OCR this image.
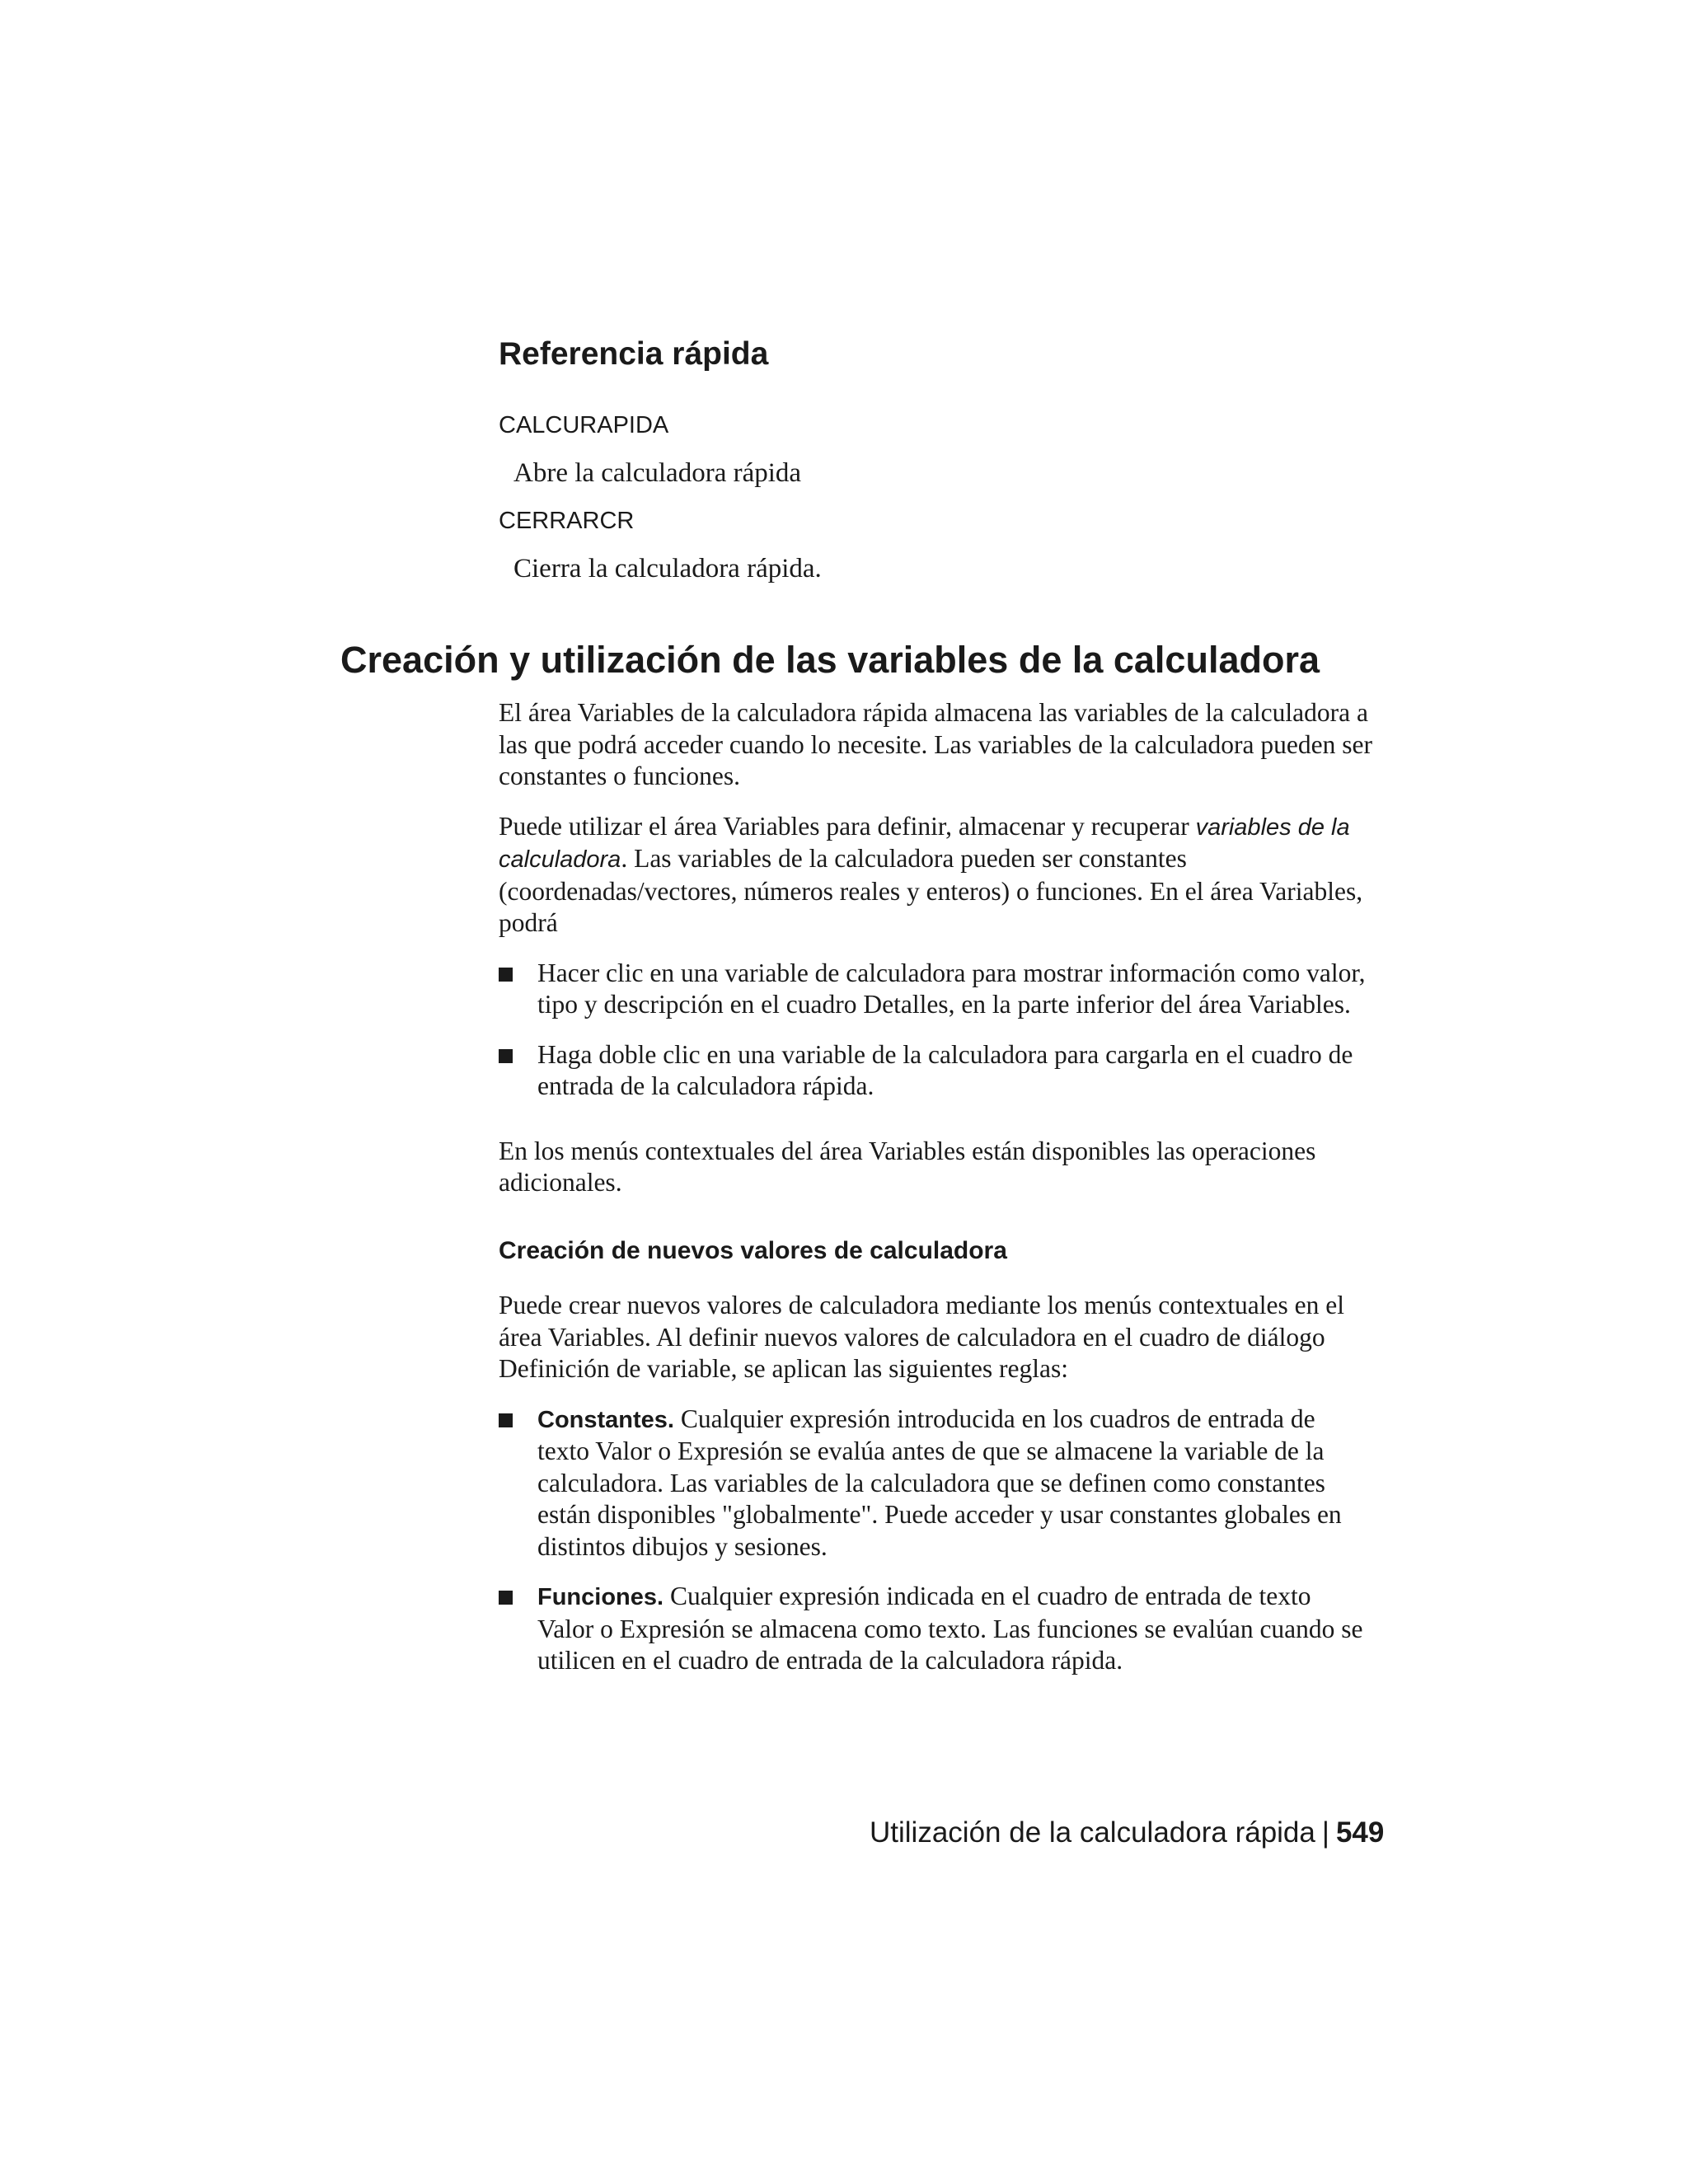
Referencia rápida

CALCURAPIDA

Abre la calculadora rápida

CERRARCR

Cierra la calculadora rápida.

Creación y utilización de las variables de la calculadora

El área Variables de la calculadora rápida almacena las variables de la calculadora a las que podrá acceder cuando lo necesite. Las variables de la calculadora pueden ser constantes o funciones.

Puede utilizar el área Variables para definir, almacenar y recuperar variables de la calculadora. Las variables de la calculadora pueden ser constantes (coordenadas/vectores, números reales y enteros) o funciones. En el área Variables, podrá

Hacer clic en una variable de calculadora para mostrar información como valor, tipo y descripción en el cuadro Detalles, en la parte inferior del área Variables.
Haga doble clic en una variable de la calculadora para cargarla en el cuadro de entrada de la calculadora rápida.

En los menús contextuales del área Variables están disponibles las operaciones adicionales.

Creación de nuevos valores de calculadora

Puede crear nuevos valores de calculadora mediante los menús contextuales en el área Variables. Al definir nuevos valores de calculadora en el cuadro de diálogo Definición de variable, se aplican las siguientes reglas:

Constantes. Cualquier expresión introducida en los cuadros de entrada de texto Valor o Expresión se evalúa antes de que se almacene la variable de la calculadora. Las variables de la calculadora que se definen como constantes están disponibles "globalmente". Puede acceder y usar constantes globales en distintos dibujos y sesiones.
Funciones. Cualquier expresión indicada en el cuadro de entrada de texto Valor o Expresión se almacena como texto. Las funciones se evalúan cuando se utilicen en el cuadro de entrada de la calculadora rápida.
Utilización de la calculadora rápida | 549
